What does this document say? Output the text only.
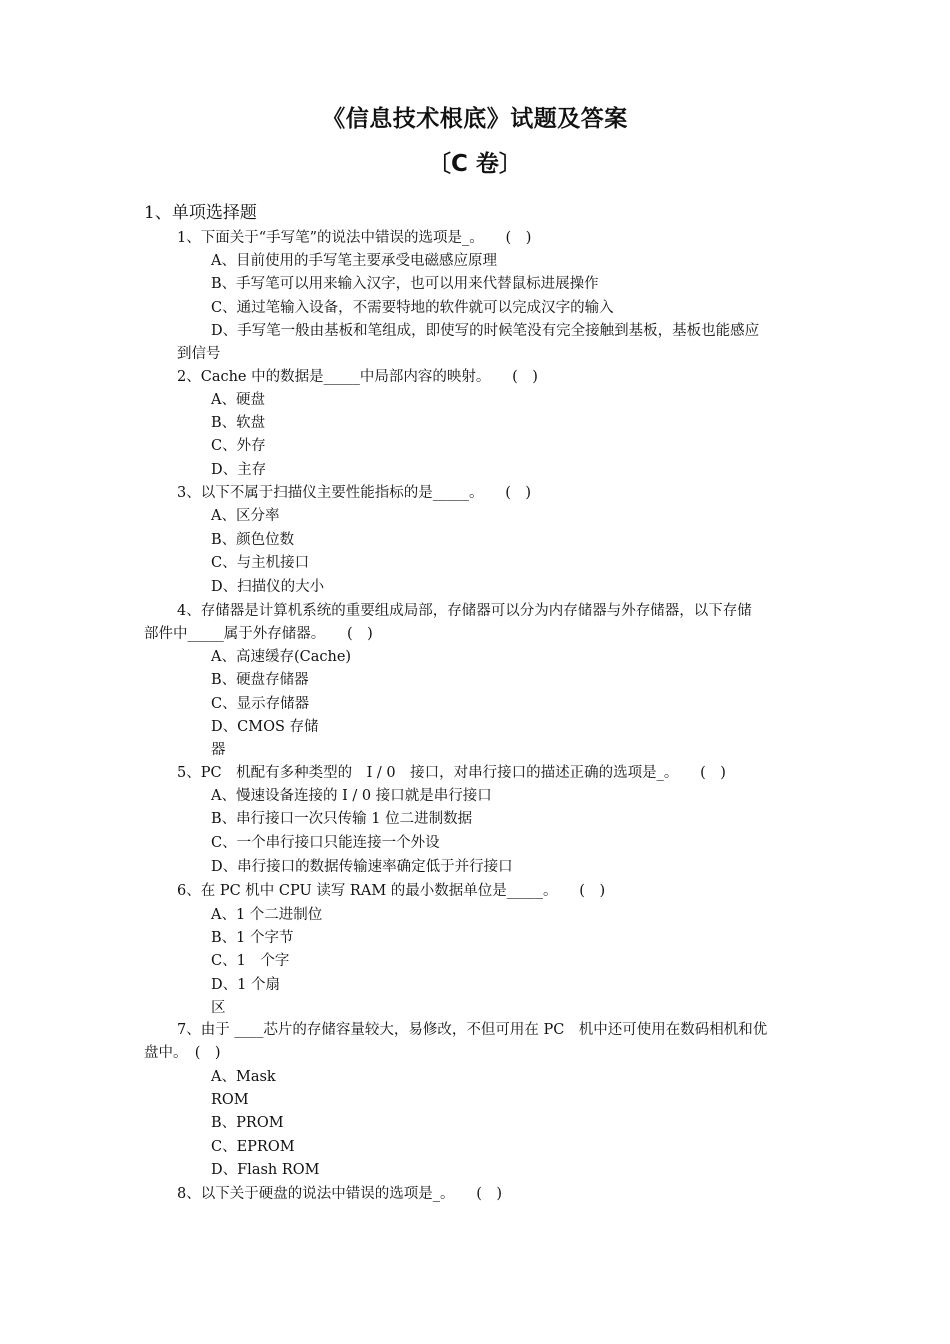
《信息技术根底》试题及答案
〔C 卷〕
1、单项选择题
1、下面关于“手写笔”的说法中错误的选项是_。　　(　)
A、目前使用的手写笔主要承受电磁感应原理
B、手写笔可以用来输入汉字，也可以用来代替鼠标进展操作
C、通过笔输入设备，不需要特地的软件就可以完成汉字的输入
D、手写笔一般由基板和笔组成，即使写的时候笔没有完全接触到基板，基板也能感应
到信号
2、Cache 中的数据是_____中局部内容的映射。　　(　)
A、硬盘
B、软盘
C、外存
D、主存
3、以下不属于扫描仪主要性能指标的是_____。　　(　)
A、区分率
B、颜色位数
C、与主机接口
D、扫描仪的大小
4、存储器是计算机系统的重要组成局部，存储器可以分为内存储器与外存储器，以下存储
部件中_____属于外存储器。　　(　)
A、高速缓存(Cache)
B、硬盘存储器
C、显示存储器
D、CMOS 存储
器
5、PC　机配有多种类型的　I / 0　接口，对串行接口的描述正确的选项是_。　　(　)
A、慢速设备连接的 I / 0 接口就是串行接口
B、串行接口一次只传输 1 位二进制数据
C、一个串行接口只能连接一个外设
D、串行接口的数据传输速率确定低于并行接口
6、在 PC 机中 CPU 读写 RAM 的最小数据单位是_____。　　(　)
A、1 个二进制位
B、1 个字节
C、1　个字
D、1 个扇
区
7、由于 ____芯片的存储容量较大，易修改，不但可用在 PC　机中还可使用在数码相机和优
盘中。　(　)
A、Mask
ROM
B、PROM
C、EPROM
D、Flash ROM
8、以下关于硬盘的说法中错误的选项是_。　　(　)
